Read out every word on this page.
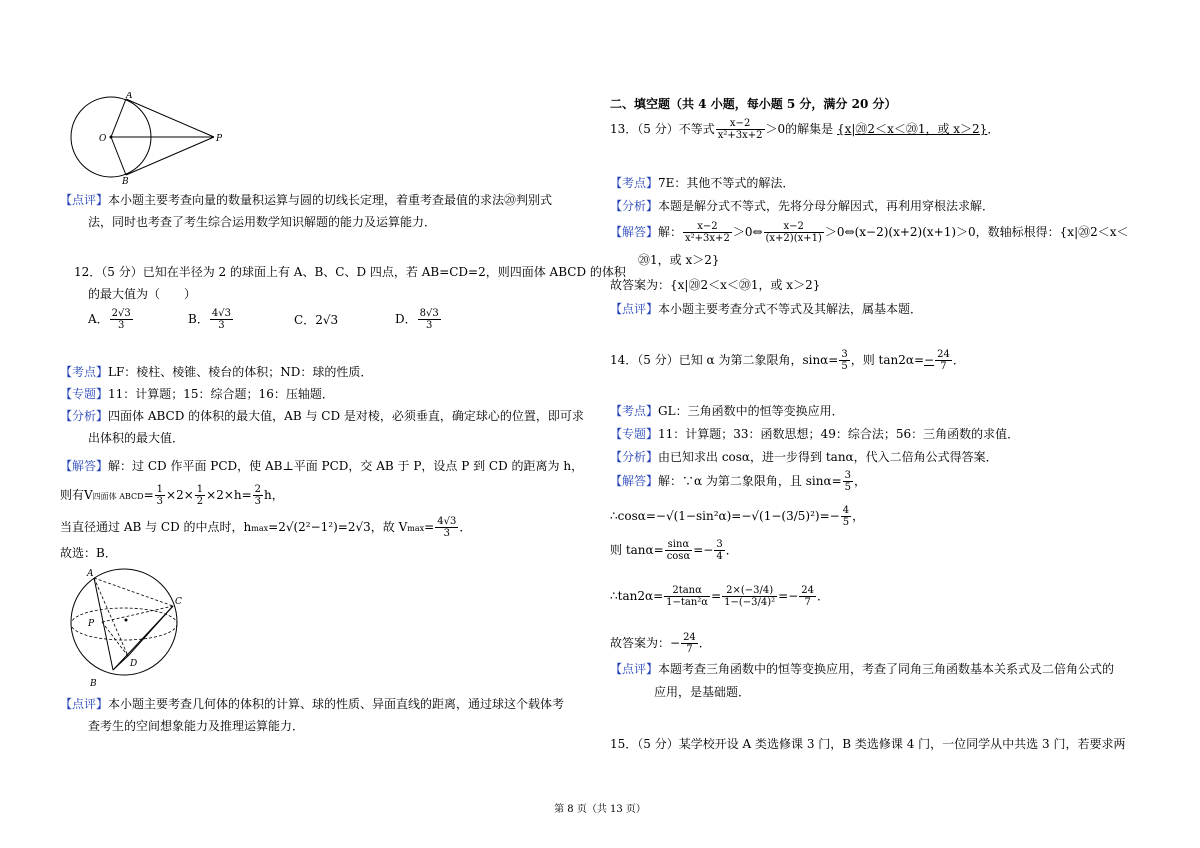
A
B
O	P
【点评】本小题主要考查向量的数量积运算与圆的切线长定理，着重考查最值的求法⑳判别式
法，同时也考查了考生综合运用数学知识解题的能力及运算能力．
12．（5 分）已知在半径为 2 的球面上有 A、B、C、D 四点，若 AB=CD=2，则四面体 ABCD 的体积
的最大值为（　　）
A． $\frac{2√3}{3}$	B． $\frac{4√3}{3}$	C．2√3	D． $\frac{8√3}{3}$
【考点】LF：棱柱、棱锥、棱台的体积；ND：球的性质．
【专题】11：计算题；15：综合题；16：压轴题．
【分析】四面体 ABCD 的体积的最大值，AB 与 CD 是对棱，必须垂直，确定球心的位置，即可求
出体积的最大值．
【解答】解：过 CD 作平面 PCD，使 AB⊥平面 PCD，交 AB 于 P，设点 P 到 CD 的距离为 h，
则有V四面体 ABCD= $\frac{1}{3} \times 2\times \frac{1}{2} \times 2\times h= \frac{2}{3}$ h，
当直径通过 AB 与 CD 的中点时，hmax=2√(2²−1²)=2√3，故 $Vmax= \frac{4√3}{3}$ ．
故选：B．
A
B
C
D
P
【点评】本小题主要考查几何体的体积的计算、球的性质、异面直线的距离，通过球这个载体考
查考生的空间想象能力及推理运算能力．
二、填空题（共 4 小题，每小题 5 分，满分 20 分）
13．（5 分）不等式 $\frac{x-2}{\text{x²+3x+2}} >0$的解集是 {x|⑳2＜x＜⑳1，或 x＞2}．
【考点】7E：其他不等式的解法．
【分析】本题是解分式不等式，先将分母分解因式，再利用穿根法求解．
【解答】解： $\frac{x-2}{\text{x²+3x+2}}$ ＞0⇔ $\frac{x-2}{(x+2)(x+1)}$ ＞0⇔(x−2)(x+2)(x+1)＞0，数轴标根得：{x|⑳2＜x＜
⑳1，或 x＞2}
故答案为：{x|⑳2＜x＜⑳1，或 x＞2}
【点评】本小题主要考查分式不等式及其解法，属基本题．
14．（5 分）已知 α 为第二象限角，$\sin\alpha= \frac{3}{5}$ ，则 $\tan 2\alpha=- \frac{24}{7}$ ．
【考点】GL：三角函数中的恒等变换应用．
【专题】11：计算题；33：函数思想；49：综合法；56：三角函数的求值．
【分析】由已知求出 cosα，进一步得到 tanα，代入二倍角公式得答案．
【解答】解：∵α 为第二象限角，且 $\sin\alpha= \frac{3}{5}$ ，
∴cosα=−√(1−sin²α)=−√(1−(3/5)²)=− $\frac{4}{5}$ ，
则 $\tan\alpha= \frac{\sin\alpha}{\cos\alpha} =- \frac{3}{4}$ ．
∴tan2α= $\frac{2\tan\alpha}{\text{1−tan²α}} = \frac{2\times(-3/4)}{\text{1−(−3/4)²}} =- \frac{24}{7}$ ．
故答案为：− $\frac{24}{7}$ ．
【点评】本题考查三角函数中的恒等变换应用，考查了同角三角函数基本关系式及二倍角公式的
应用，是基础题．
15．（5 分）某学校开设 A 类选修课 3 门，B 类选修课 4 门，一位同学从中共选 3 门，若要求两
第 8 页（共 13 页）
